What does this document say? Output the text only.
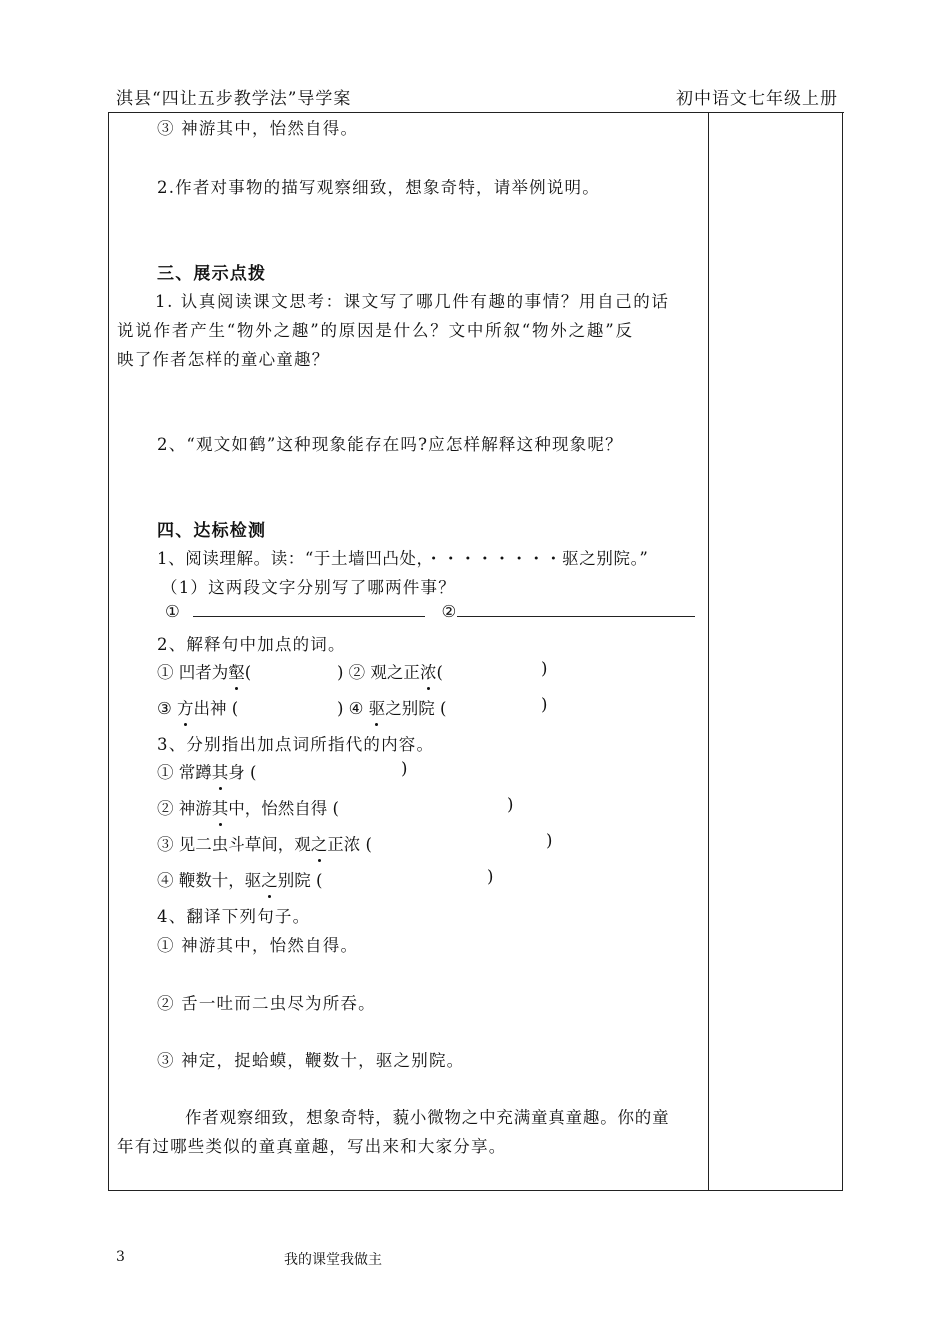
淇县“四让五步教学法”导学案	初中语文七年级上册
③ 神游其中，怡然自得。
2.作者对事物的描写观察细致，想象奇特，请举例说明。
三、展示点拨
1. 认真阅读课文思考：课文写了哪几件有趣的事情？用自己的话
说说作者产生“物外之趣”的原因是什么？文中所叙“物外之趣”反
映了作者怎样的童心童趣？
2、“观文如鹤”这种现象能存在吗?应怎样解释这种现象呢？
四、达标检测
1、阅读理解。读：“于土墙凹凸处，・・・・・・・・驱之别院。”
（1）这两段文字分别写了哪两件事？
①	②
2、解释句中加点的词。
① 凹者为壑(	) ② 观之正浓(	)
③ 方出神 (	) ④ 驱之别院 (	)
3、分别指出加点词所指代的内容。
① 常蹲其身 (	)
② 神游其中，怡然自得 (	)
③ 见二虫斗草间，观之正浓 (	)
④ 鞭数十，驱之别院 (	)
4、翻译下列句子。
① 神游其中，怡然自得。
② 舌一吐而二虫尽为所吞。
③ 神定，捉蛤蟆，鞭数十，驱之别院。
作者观察细致，想象奇特，藐小微物之中充满童真童趣。你的童
年有过哪些类似的童真童趣，写出来和大家分享。
3	我的课堂我做主
